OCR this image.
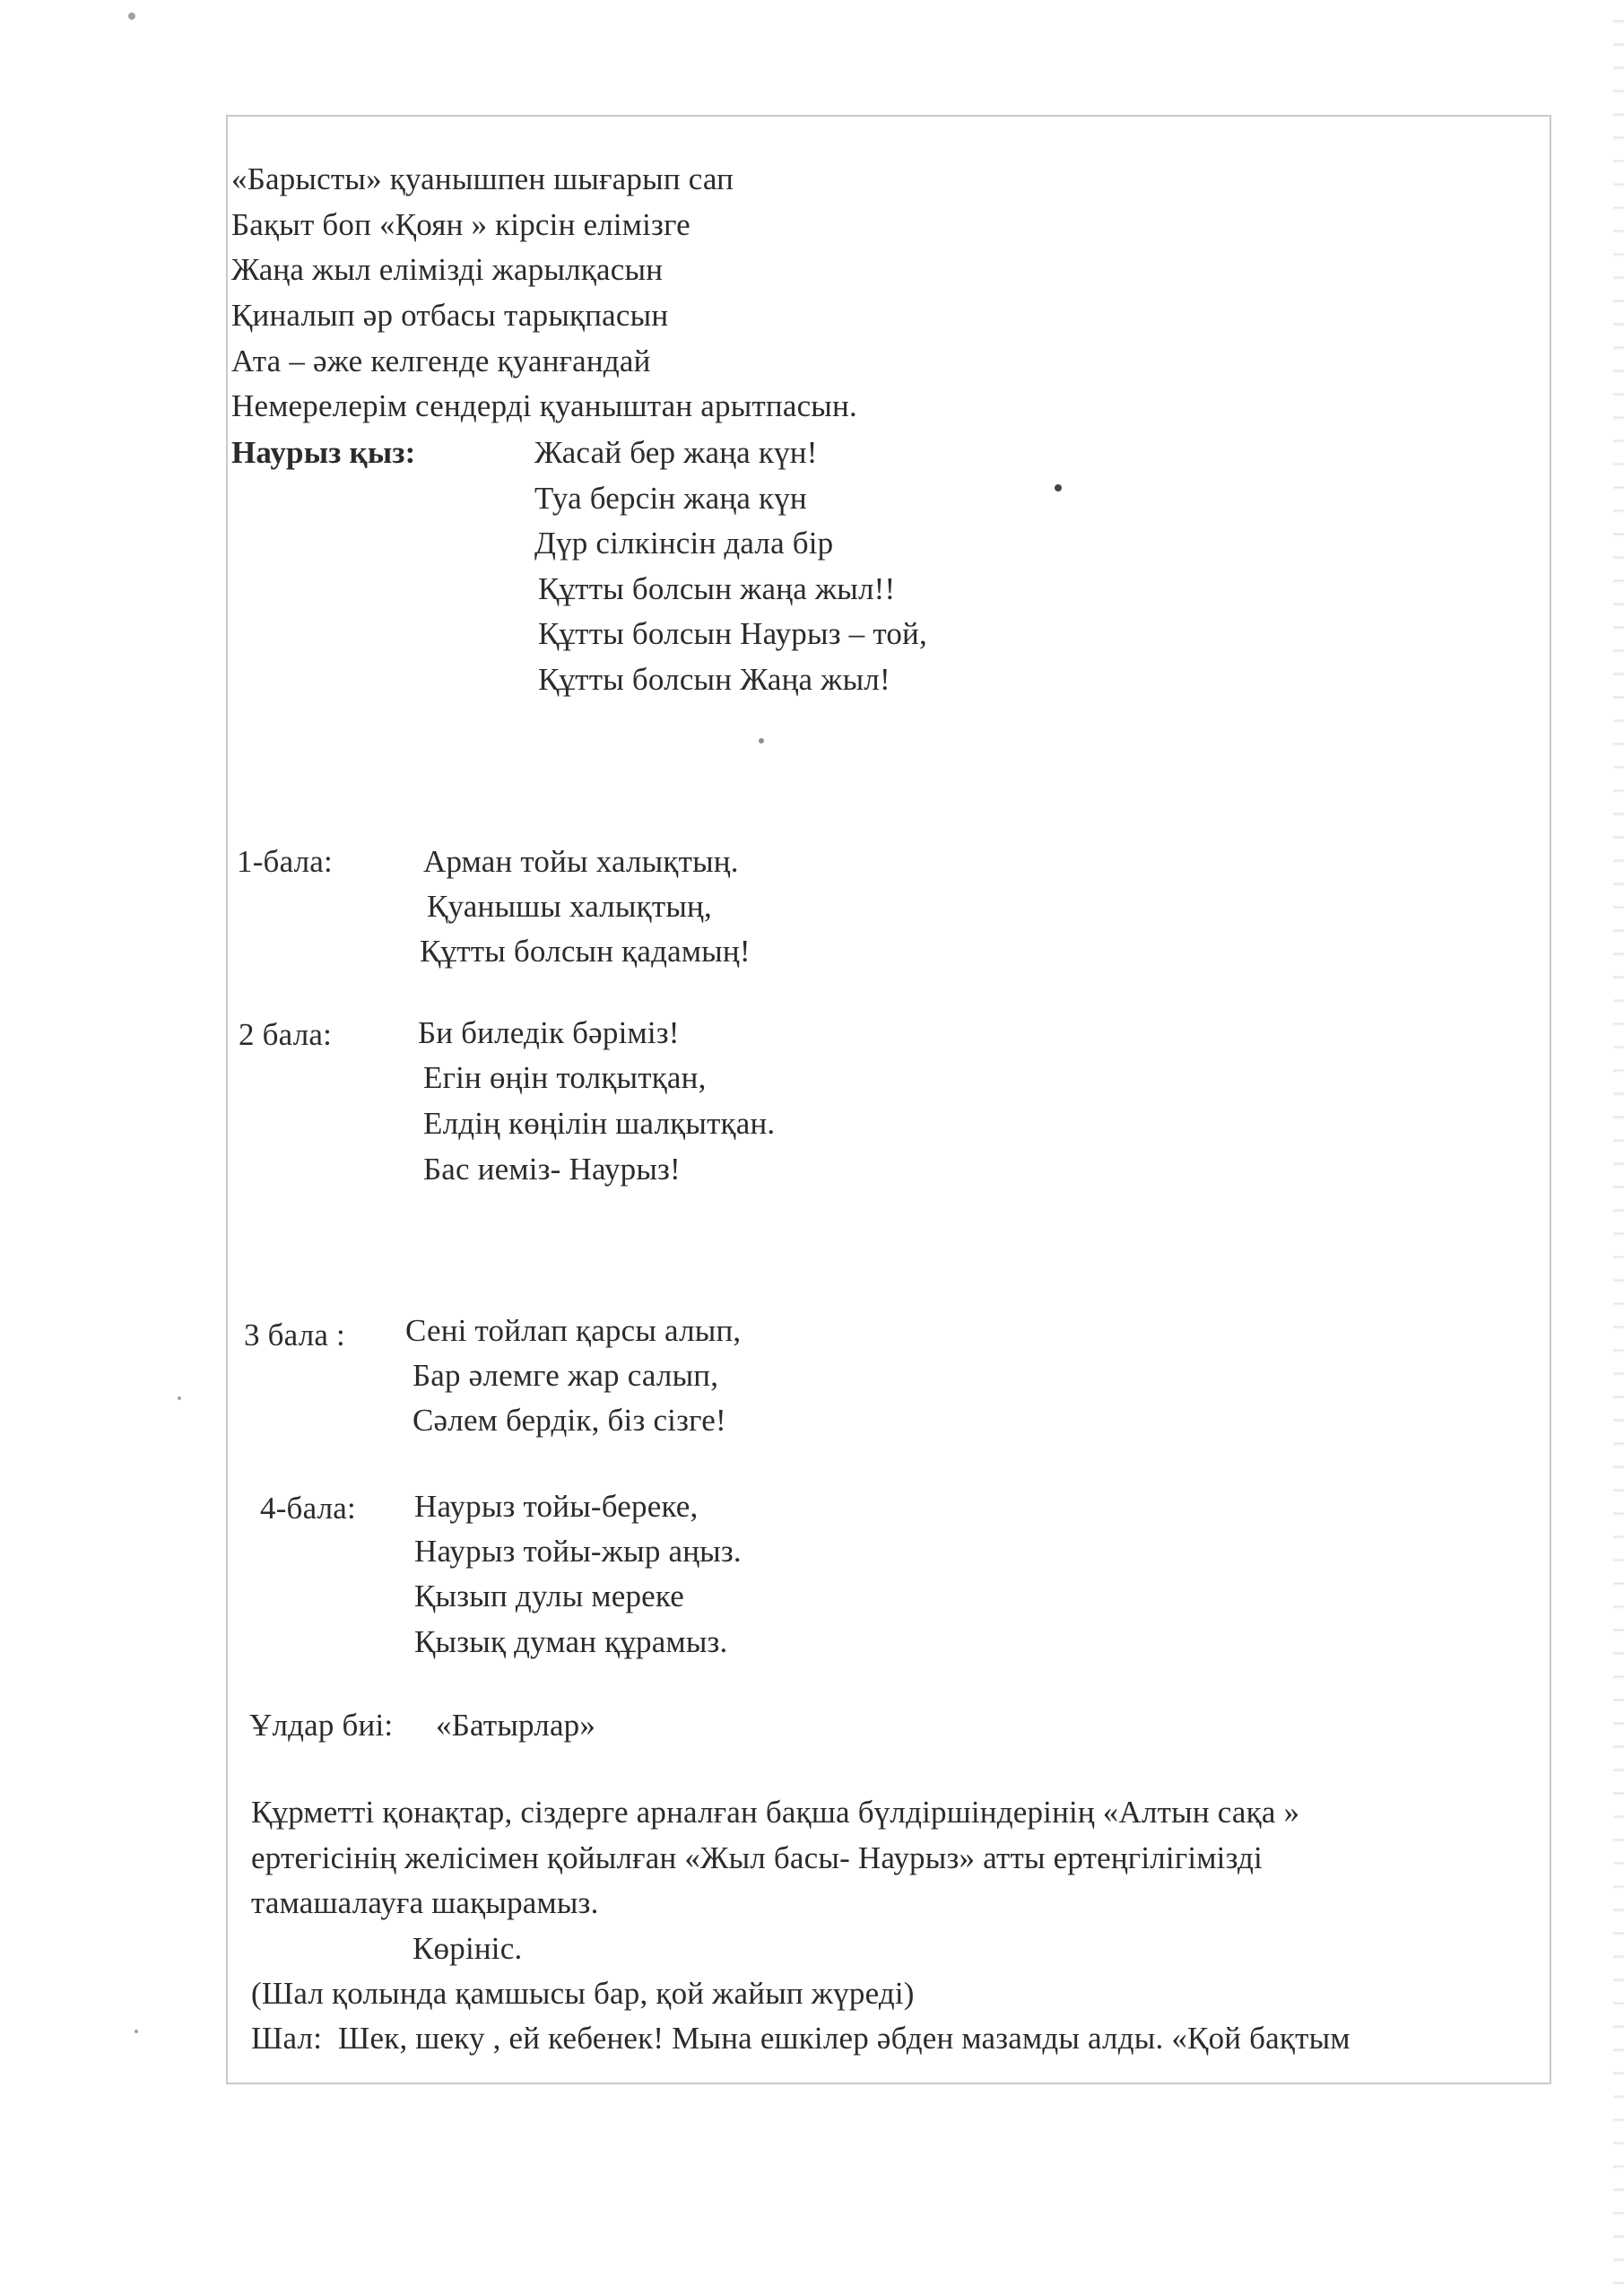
«Барысты» қуанышпен шығарып сап
Бақыт боп «Қоян » кірсін елімізге
Жаңа жыл елімізді жарылқасын
Қиналып әр отбасы тарықпасын
Ата – әже келгенде қуанғандай
Немерелерім сендерді қуаныштан арытпасын.
Наурыз қыз:	Жасай бер жаңа күн!
Туа берсін жаңа күн
Дүр сілкінсін дала бір
Құтты болсын жаңа жыл!!
Құтты болсын Наурыз – той,
Құтты болсын Жаңа жыл!
1-бала:	Арман тойы халықтың.
Қуанышы халықтың,
Құтты болсын қадамың!
2 бала:	Би биледік бәріміз!
Егін өңін толқытқан,
Елдің көңілін шалқытқан.
Бас иеміз- Наурыз!
3 бала : Сені тойлап қарсы алып,
Бар әлемге жар салып,
Сәлем бердік, біз сізге!
4-бала: Наурыз тойы-береке,
Наурыз тойы-жыр аңыз.
Қызып дулы мереке
Қызық думан құрамыз.
Ұлдар биі: «Батырлар»
Құрметті қонақтар, сіздерге арналған бақша бүлдіршіндерінің «Алтын сақа »
ертегісінің желісімен қойылған «Жыл басы- Наурыз» атты ертеңгілігімізді
тамашалауға шақырамыз.
Көрініс.
(Шал қолында қамшысы бар, қой жайып жүреді)
Шал: Шек, шеку , ей кебенек! Мына ешкілер әбден мазамды алды. «Қой бақтым
